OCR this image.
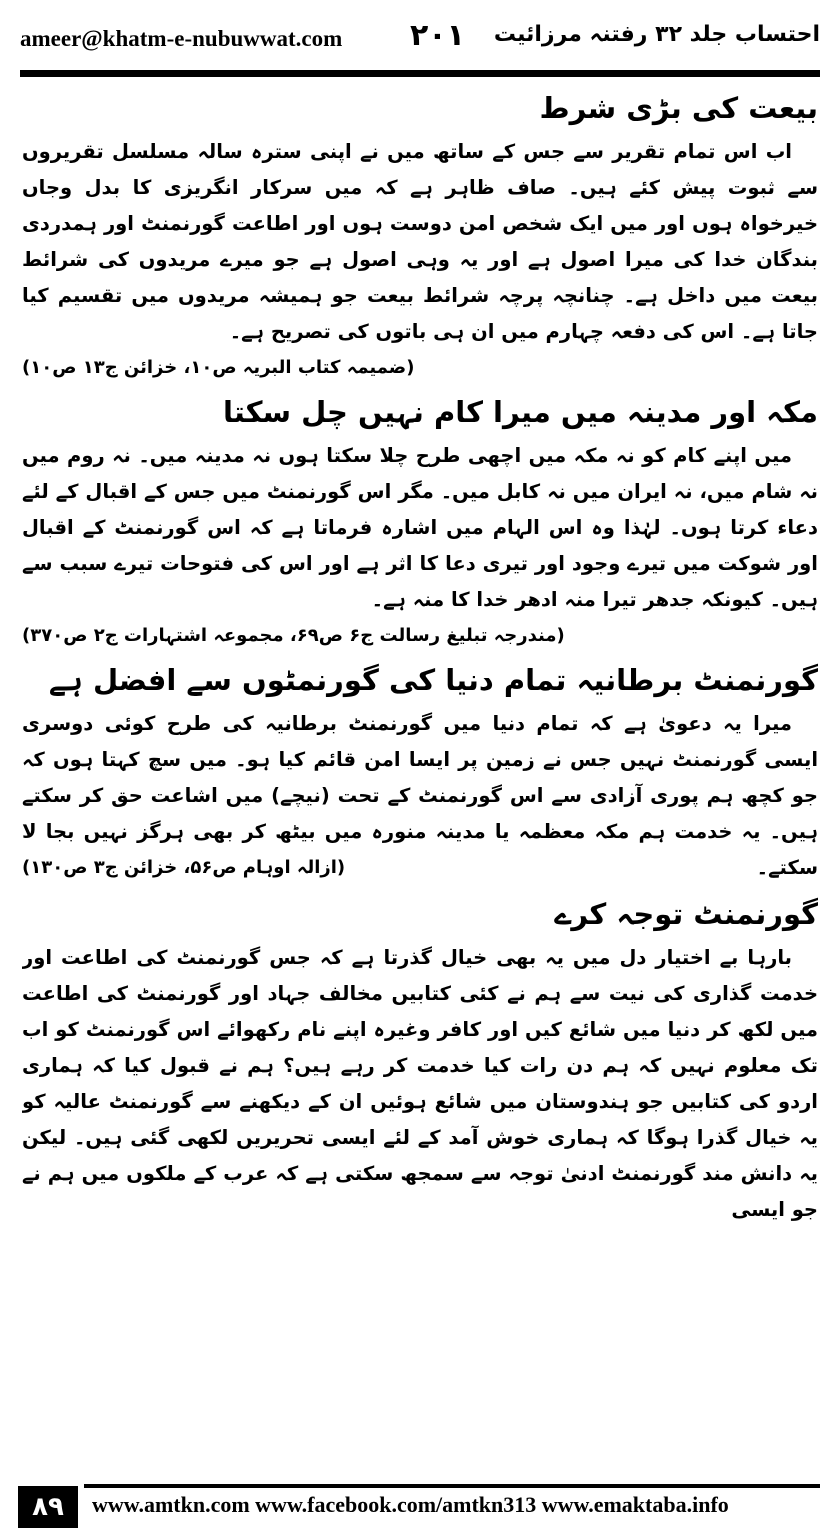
ameer@khatm-e-nubuwwat.com ۲۰۱ احتساب جلد ۳۲ رفتنہ مرزائیت
بیعت کی بڑی شرط

اب اس تمام تقریر سے جس کے ساتھ میں نے اپنی سترہ سالہ مسلسل تقریروں سے ثبوت پیش کئے ہیں۔ صاف ظاہر ہے کہ میں سرکار انگریزی کا بدل وجاں خیرخواہ ہوں اور میں ایک شخص امن دوست ہوں اور اطاعت گورنمنٹ اور ہمدردی بندگان خدا کی میرا اصول ہے اور یہ وہی اصول ہے جو میرے مریدوں کی شرائط بیعت میں داخل ہے۔ چنانچہ پرچہ شرائط بیعت جو ہمیشہ مریدوں میں تقسیم کیا جاتا ہے۔ اس کی دفعہ چہارم میں ان ہی باتوں کی تصریح ہے۔

(ضمیمہ کتاب البریہ ص۱۰، خزائن ج۱۳ ص۱۰)
مکہ اور مدینہ میں میرا کام نہیں چل سکتا

میں اپنے کام کو نہ مکہ میں اچھی طرح چلا سکتا ہوں نہ مدینہ میں۔ نہ روم میں نہ شام میں، نہ ایران میں نہ کابل میں۔ مگر اس گورنمنٹ میں جس کے اقبال کے لئے دعاء کرتا ہوں۔ لہٰذا وہ اس الہام میں اشارہ فرماتا ہے کہ اس گورنمنٹ کے اقبال اور شوکت میں تیرے وجود اور تیری دعا کا اثر ہے اور اس کی فتوحات تیرے سبب سے ہیں۔ کیونکہ جدھر تیرا منہ ادھر خدا کا منہ ہے۔

(مندرجہ تبلیغ رسالت ج۶ ص۶۹، مجموعہ اشتہارات ج۲ ص۳۷۰)
گورنمنٹ برطانیہ تمام دنیا کی گورنمٹوں سے افضل ہے

میرا یہ دعویٰ ہے کہ تمام دنیا میں گورنمنٹ برطانیہ کی طرح کوئی دوسری ایسی گورنمنٹ نہیں جس نے زمین پر ایسا امن قائم کیا ہو۔ میں سچ کہتا ہوں کہ جو کچھ ہم پوری آزادی سے اس گورنمنٹ کے تحت (نیچے) میں اشاعت حق کر سکتے ہیں۔ یہ خدمت ہم مکہ معظمہ یا مدینہ منورہ میں بیٹھ کر بھی ہرگز نہیں بجا لا سکتے۔
(ازالہ اوہام ص۵۶، خزائن ج۳ ص۱۳۰)

گورنمنٹ توجہ کرے

بارہا بے اختیار دل میں یہ بھی خیال گذرتا ہے کہ جس گورنمنٹ کی اطاعت اور خدمت گذاری کی نیت سے ہم نے کئی کتابیں مخالف جہاد اور گورنمنٹ کی اطاعت میں لکھ کر دنیا میں شائع کیں اور کافر وغیرہ اپنے نام رکھوائے اس گورنمنٹ کو اب تک معلوم نہیں کہ ہم دن رات کیا خدمت کر رہے ہیں؟ ہم نے قبول کیا کہ ہماری اردو کی کتابیں جو ہندوستان میں شائع ہوئیں ان کے دیکھنے سے گورنمنٹ عالیہ کو یہ خیال گذرا ہوگا کہ ہماری خوش آمد کے لئے ایسی تحریریں لکھی گئی ہیں۔ لیکن یہ دانش مند گورنمنٹ ادنیٰ توجہ سے سمجھ سکتی ہے کہ عرب کے ملکوں میں ہم نے جو ایسی

۸۹	www.amtkn.com www.facebook.com/amtkn313 www.emaktaba.info
